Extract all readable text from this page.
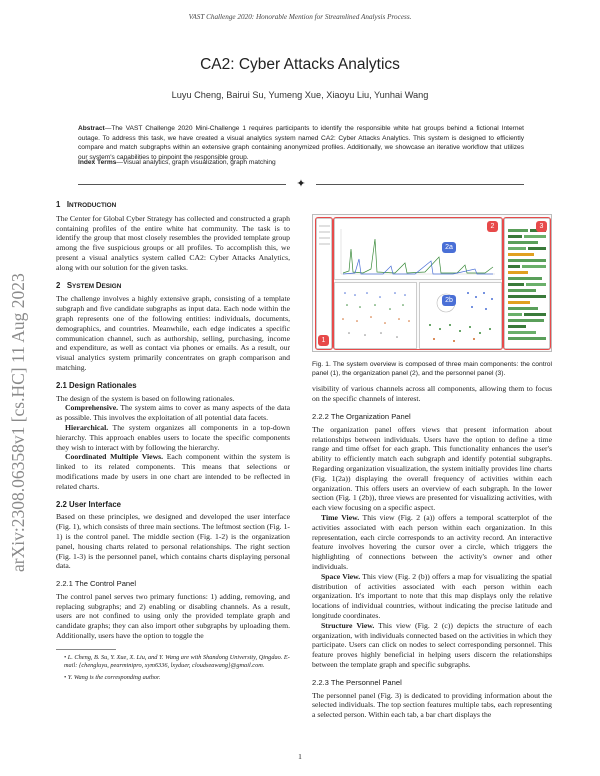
VAST Challenge 2020: Honorable Mention for Streamlined Analysis Process.
CA2: Cyber Attacks Analytics
Luyu Cheng, Bairui Su, Yumeng Xue, Xiaoyu Liu, Yunhai Wang
Abstract—The VAST Challenge 2020 Mini-Challenge 1 requires participants to identify the responsible white hat groups behind a fictional Internet outage. To address this task, we have created a visual analytics system named CA2: Cyber Attacks Analytics. This system is designed to efficiently compare and match subgraphs within an extensive graph containing anonymized profiles. Additionally, we showcase an iterative workflow that utilizes our system's capabilities to pinpoint the responsible group.
Index Terms—Visual analytics, graph visualization, graph matching
✦
arXiv:2308.06358v1 [cs.HC] 11 Aug 2023

1 INTRODUCTION

The Center for Global Cyber Strategy has collected and constructed a graph containing profiles of the entire white hat community. The task is to identify the group that most closely resembles the provided template group among the five suspicious groups or all profiles. To accomplish this, we present a visual analytics system called CA2: Cyber Attacks Analytics, along with our solution for the given tasks.

2 SYSTEM DESIGN

The challenge involves a highly extensive graph, consisting of a template subgraph and five candidate subgraphs as input data. Each node within the graph represents one of the following entities: individuals, documents, demographics, and countries. Meanwhile, each edge indicates a specific communication channel, such as authorship, selling, purchasing, income and expenditure, as well as contact via phones or emails. As a result, our visual analytics system primarily concentrates on graph comparison and matching.

2.1 Design Rationales

The design of the system is based on following rationales.

Comprehensive. The system aims to cover as many aspects of the data as possible. This involves the exploitation of all potential data facets.

Hierarchical. The system organizes all components in a top-down hierarchy. This approach enables users to locate the specific components they wish to interact with by following the hierarchy.

Coordinated Multiple Views. Each component within the system is linked to its related components. This means that selections or modifications made by users in one chart are intended to be reflected in related charts.

2.2 User Interface

Based on these principles, we designed and developed the user interface (Fig. 1), which consists of three main sections. The leftmost section (Fig. 1-1) is the control panel. The middle section (Fig. 1-2) is the organization panel, housing charts related to personal relationships. The right section (Fig. 1-3) is the personnel panel, which contains charts displaying personal data.

2.2.1 The Control Panel

The control panel serves two primary functions: 1) adding, removing, and replacing subgraphs; and 2) enabling or disabling channels. As a result, users are not confined to using only the provided template graph and candidate graphs; they can also import other subgraphs by uploading them. Additionally, users have the option to toggle the

• L. Cheng, B. Su, Y. Xue, X. Liu, and Y. Wang are with Shandong University, Qingdao. E-mail: {chengluyu, pearminipro, xym6336, lxyduer, cloudseawang}@gmail.com.

• Y. Wang is the corresponding author.

1
2	3
2a
2b

Fig. 1. The system overview is composed of three main components: the control panel (1), the organization panel (2), and the personnel panel (3).

visibility of various channels across all components, allowing them to focus on the specific channels of interest.

2.2.2 The Organization Panel

The organization panel offers views that present information about relationships between individuals. Users have the option to define a time range and time offset for each graph. This functionality enhances the user's ability to efficiently match each subgraph and identify potential subgraphs. Regarding organization visualization, the system initially provides line charts (Fig. 1(2a)) displaying the overall frequency of activities within each organization. This offers users an overview of each subgraph. In the lower section (Fig. 1 (2b)), three views are presented for visualizing activities, with each view focusing on a specific aspect.

Time View. This view (Fig. 2 (a)) offers a temporal scatterplot of the activities associated with each person within each organization. In this representation, each circle corresponds to an activity record. An interactive feature involves hovering the cursor over a circle, which triggers the highlighting of connections between the activity's owner and other individuals.

Space View. This view (Fig. 2 (b)) offers a map for visualizing the spatial distribution of activities associated with each person within each organization. It's important to note that this map displays only the relative locations of individual countries, without indicating the precise latitude and longitude coordinates.

Structure View. This view (Fig. 2 (c)) depicts the structure of each organization, with individuals connected based on the activities in which they participate. Users can click on nodes to select corresponding personnel. This feature proves highly beneficial in helping users discern the relationships between the template graph and specific subgraphs.

2.2.3 The Personnel Panel

The personnel panel (Fig. 3) is dedicated to providing information about the selected individuals. The top section features multiple tabs, each representing a selected person. Within each tab, a bar chart displays the

1
